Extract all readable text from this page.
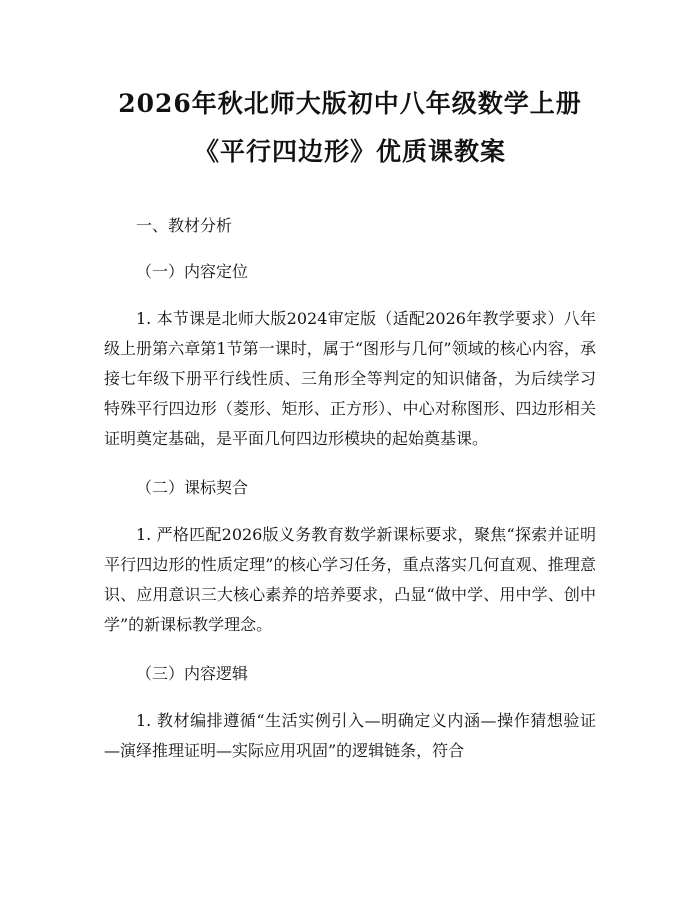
2026年秋北师大版初中八年级数学上册《平行四边形》优质课教案
一、教材分析
（一）内容定位

1. 本节课是北师大版2024审定版（适配2026年教学要求）八年级上册第六章第1节第一课时，属于“图形与几何”领域的核心内容，承接七年级下册平行线性质、三角形全等判定的知识储备，为后续学习特殊平行四边形（菱形、矩形、正方形）、中心对称图形、四边形相关证明奠定基础，是平面几何四边形模块的起始奠基课。

（二）课标契合

1. 严格匹配2026版义务教育数学新课标要求，聚焦“探索并证明平行四边形的性质定理”的核心学习任务，重点落实几何直观、推理意识、应用意识三大核心素养的培养要求，凸显“做中学、用中学、创中学”的新课标教学理念。

（三）内容逻辑

1. 教材编排遵循“生活实例引入—明确定义内涵—操作猜想验证—演绎推理证明—实际应用巩固”的逻辑链条，符合
